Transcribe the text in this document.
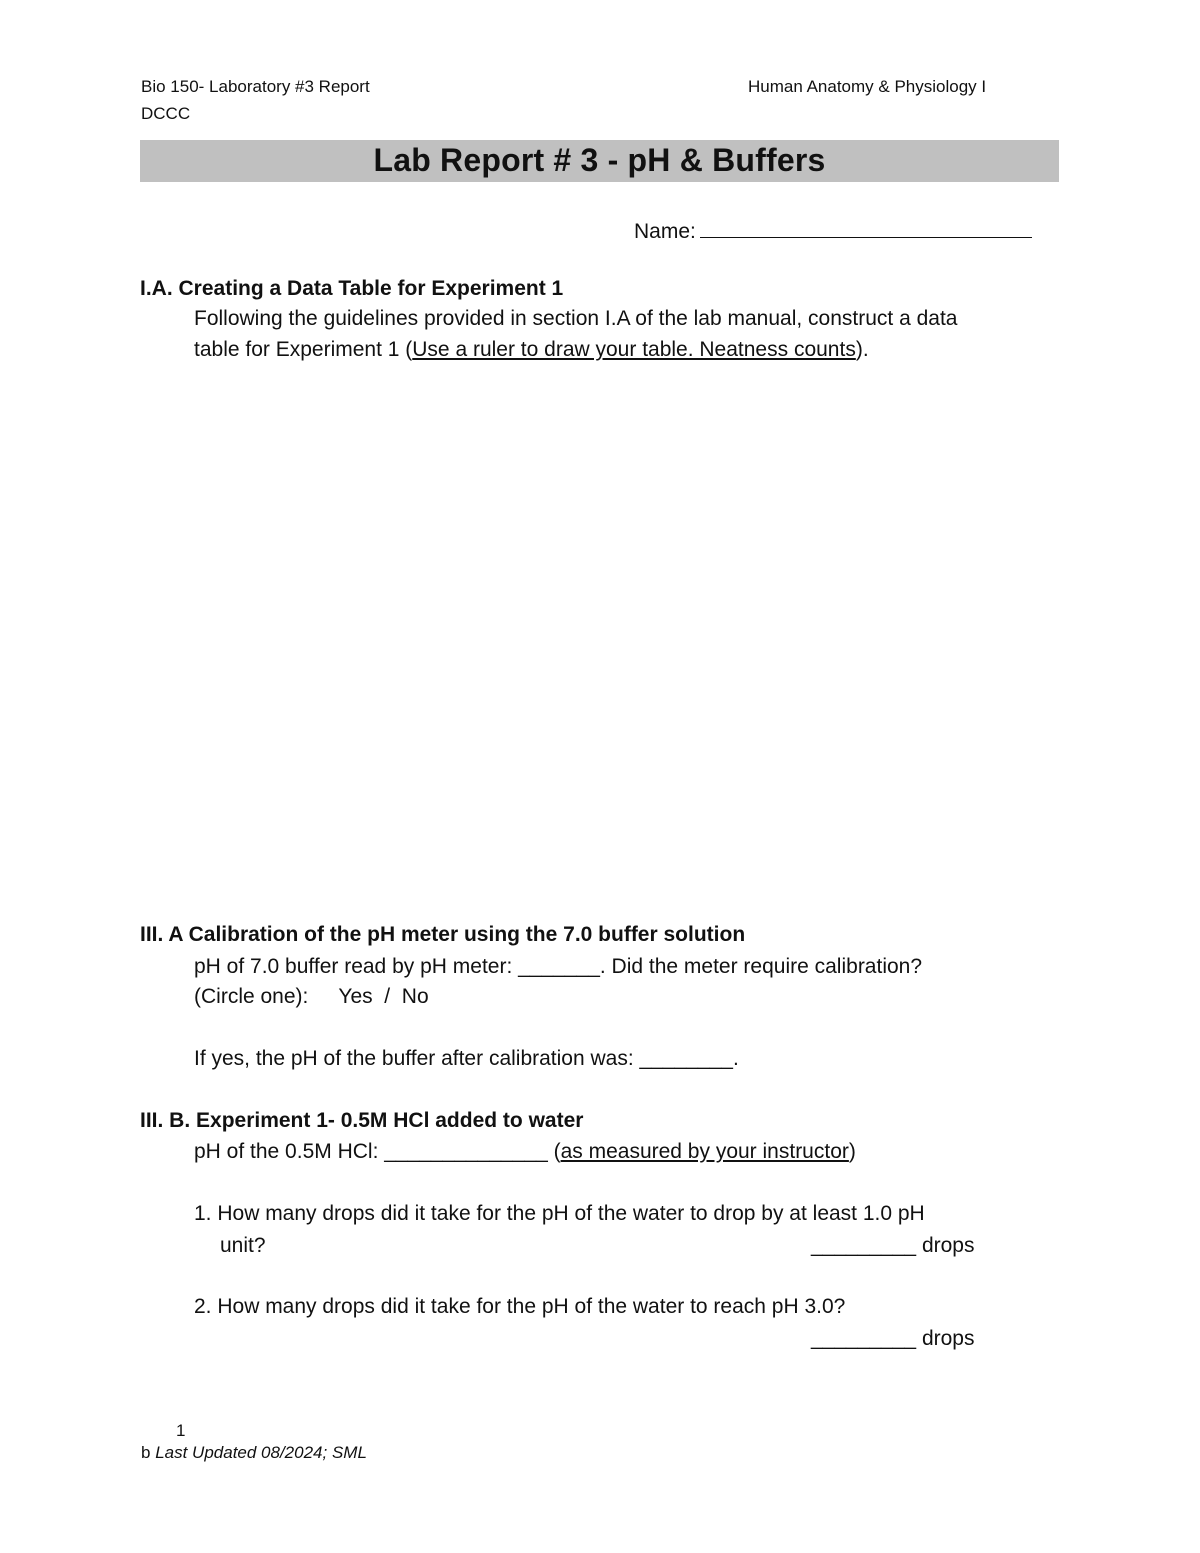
Bio 150- Laboratory #3 Report
DCCC
Human Anatomy & Physiology I
Lab Report # 3 - pH & Buffers
Name:
I.A. Creating a Data Table for Experiment 1
Following the guidelines provided in section I.A of the lab manual, construct a data
table for Experiment 1 (Use a ruler to draw your table. Neatness counts).
III. A Calibration of the pH meter using the 7.0 buffer solution
pH of 7.0 buffer read by pH meter: _______. Did the meter require calibration?
(Circle one): Yes  /  No
If yes, the pH of the buffer after calibration was: ________.
III. B. Experiment 1- 0.5M HCl added to water
pH of the 0.5M HCl: ______________ (as measured by your instructor)
1. How many drops did it take for the pH of the water to drop by at least 1.0 pH
unit?	_________ drops
2. How many drops did it take for the pH of the water to reach pH 3.0?
_________ drops
1
b Last Updated 08/2024; SML
